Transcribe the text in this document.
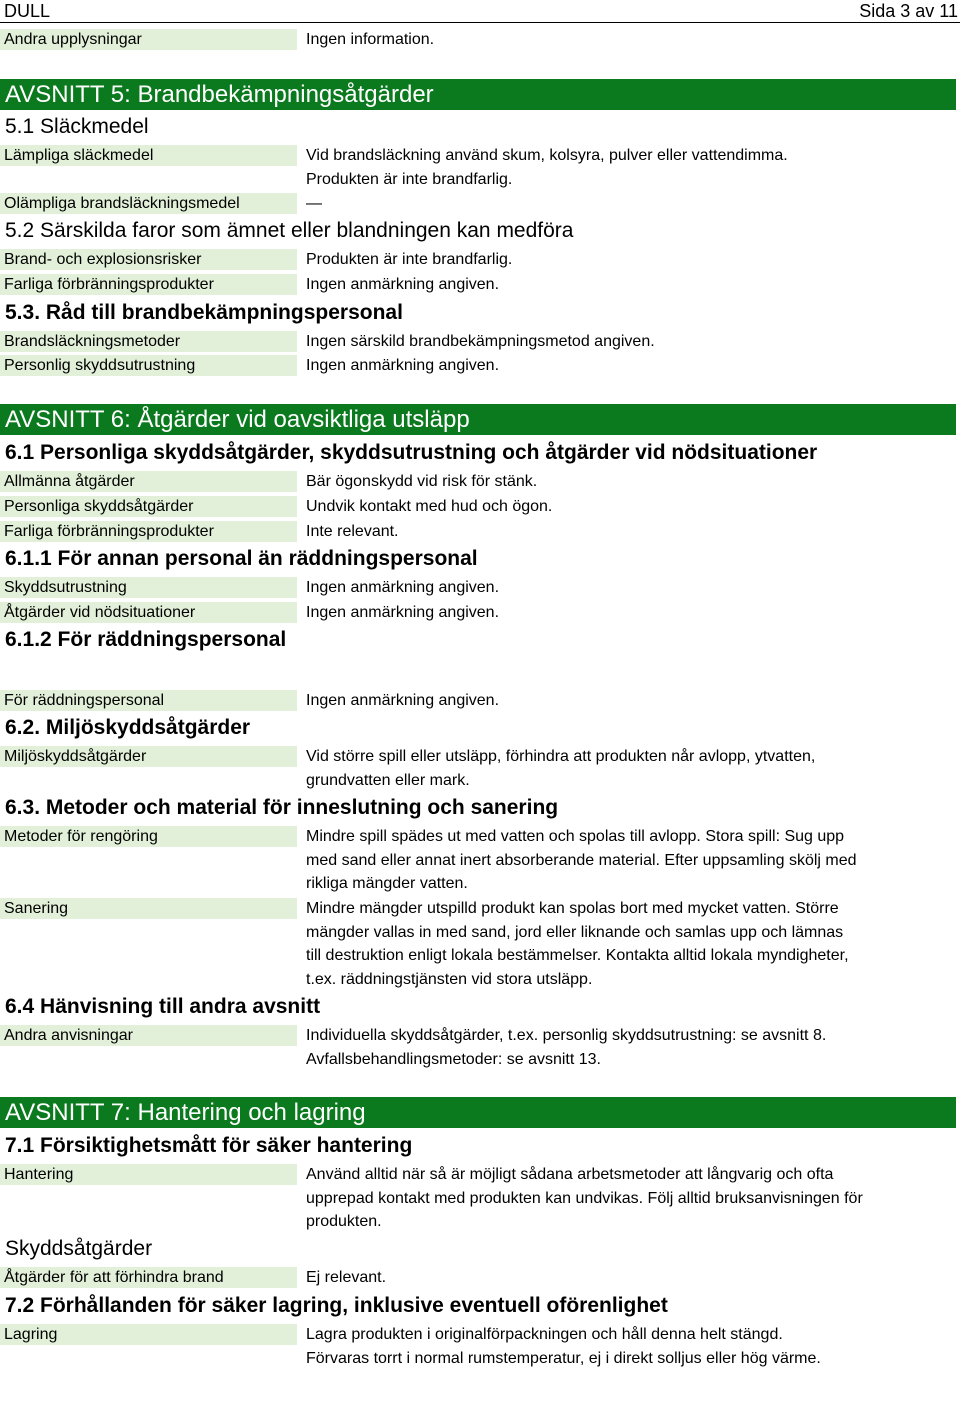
DULL	Sida 3 av 11
Andra upplysningar	Ingen information.
AVSNITT 5: Brandbekämpningsåtgärder
5.1 Släckmedel
Lämpliga släckmedel	Vid brandsläckning använd skum, kolsyra, pulver eller vattendimma.
Produkten är inte brandfarlig.
Olämpliga brandsläckningsmedel	—
5.2 Särskilda faror som ämnet eller blandningen kan medföra
Brand- och explosionsrisker	Produkten är inte brandfarlig.
Farliga förbränningsprodukter	Ingen anmärkning angiven.
5.3. Råd till brandbekämpningspersonal
Brandsläckningsmetoder	Ingen särskild brandbekämpningsmetod angiven.
Personlig skyddsutrustning	Ingen anmärkning angiven.
AVSNITT 6: Åtgärder vid oavsiktliga utsläpp
6.1 Personliga skyddsåtgärder, skyddsutrustning och åtgärder vid nödsituationer
Allmänna åtgärder	Bär ögonskydd vid risk för stänk.
Personliga skyddsåtgärder	Undvik kontakt med hud och ögon.
Farliga förbränningsprodukter	Inte relevant.
6.1.1 För annan personal än räddningspersonal
Skyddsutrustning	Ingen anmärkning angiven.
Åtgärder vid nödsituationer	Ingen anmärkning angiven.
6.1.2 För räddningspersonal
För räddningspersonal	Ingen anmärkning angiven.
6.2. Miljöskyddsåtgärder
Miljöskyddsåtgärder	Vid större spill eller utsläpp, förhindra att produkten når avlopp, ytvatten,
grundvatten eller mark.
6.3. Metoder och material för inneslutning och sanering
Metoder för rengöring	Mindre spill spädes ut med vatten och spolas till avlopp. Stora spill: Sug upp
med sand eller annat inert absorberande material. Efter uppsamling skölj med
rikliga mängder vatten.
Sanering	Mindre mängder utspilld produkt kan spolas bort med mycket vatten. Större
mängder vallas in med sand, jord eller liknande och samlas upp och lämnas
till destruktion enligt lokala bestämmelser. Kontakta alltid lokala myndigheter,
t.ex. räddningstjänsten vid stora utsläpp.
6.4 Hänvisning till andra avsnitt
Andra anvisningar	Individuella skyddsåtgärder, t.ex. personlig skyddsutrustning: se avsnitt 8.
Avfallsbehandlingsmetoder: se avsnitt 13.
AVSNITT 7: Hantering och lagring
7.1 Försiktighetsmått för säker hantering
Hantering	Använd alltid när så är möjligt sådana arbetsmetoder att långvarig och ofta
upprepad kontakt med produkten kan undvikas. Följ alltid bruksanvisningen för
produkten.
Skyddsåtgärder
Åtgärder för att förhindra brand	Ej relevant.
7.2 Förhållanden för säker lagring, inklusive eventuell oförenlighet
Lagring	Lagra produkten i originalförpackningen och håll denna helt stängd.
Förvaras torrt i normal rumstemperatur, ej i direkt solljus eller hög värme.
